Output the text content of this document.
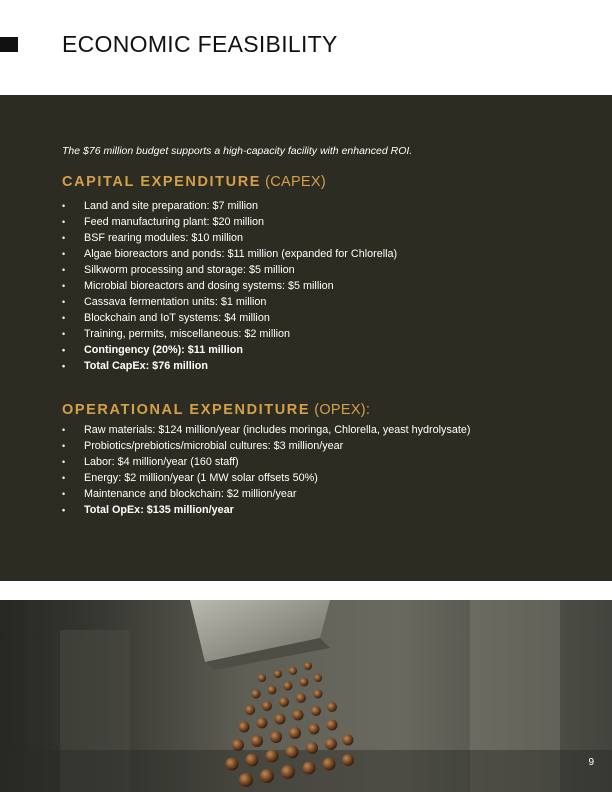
ECONOMIC FEASIBILITY

The $76 million budget supports a high-capacity facility with enhanced ROI.

CAPITAL EXPENDITURE (CAPEX)
• Land and site preparation: $7 million
• Feed manufacturing plant: $20 million
• BSF rearing modules: $10 million
• Algae bioreactors and ponds: $11 million (expanded for Chlorella)
• Silkworm processing and storage: $5 million
• Microbial bioreactors and dosing systems: $5 million
• Cassava fermentation units: $1 million
• Blockchain and IoT systems: $4 million
• Training, permits, miscellaneous: $2 million
• Contingency (20%): $11 million
• Total CapEx: $76 million
OPERATIONAL EXPENDITURE (OPEX):
• Raw materials: $124 million/year (includes moringa, Chlorella, yeast hydrolysate)
• Probiotics/prebiotics/microbial cultures: $3 million/year
• Labor: $4 million/year (160 staff)
• Energy: $2 million/year (1 MW solar offsets 50%)
• Maintenance and blockchain: $2 million/year
• Total OpEx: $135 million/year
9
